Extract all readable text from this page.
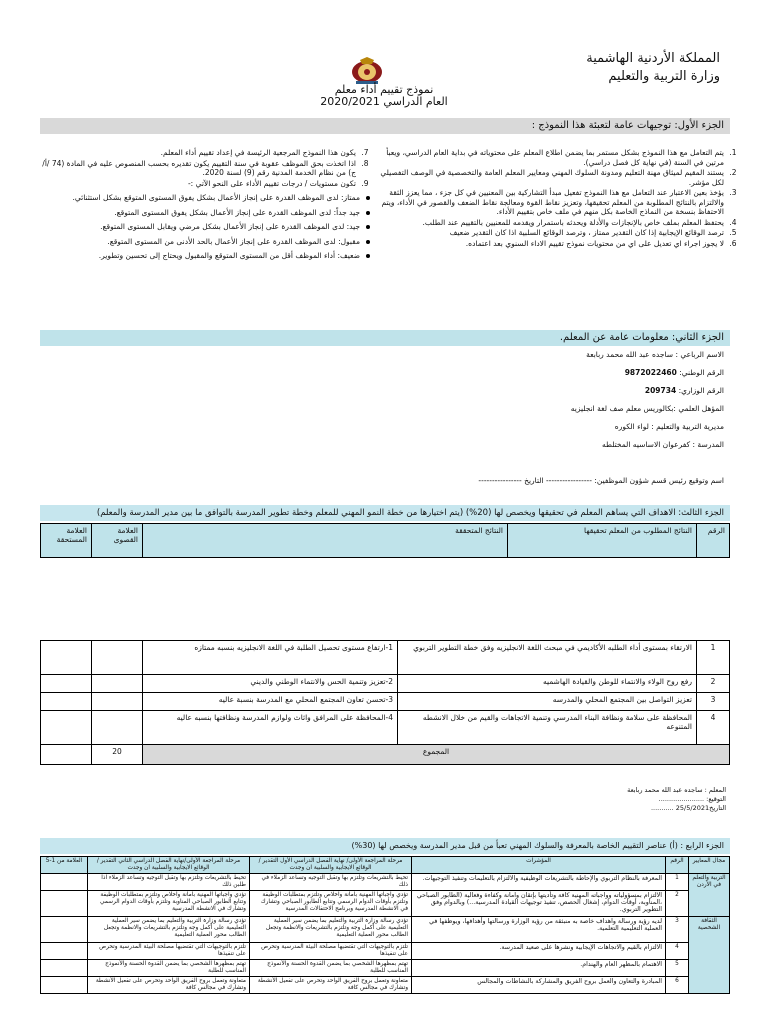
المملكة الأردنية الهاشمية
وزارة التربية والتعليم
نموذج تقييم أداء معلم
العام الدراسي 2020/2021
الجزء الأول: توجيهات عامة لتعبئة هذا النموذج :
1.
يتم التعامل مع هذا النموذج بشكل مستمر بما يضمن اطلاع المعلم على محتوياته في بداية العام الدراسي، ويعبأ مرتين في السنة (في نهاية كل فصل دراسي).
2.
يستند المقيم لميثاق مهنة التعليم ومدونة السلوك المهني ومعايير المعلم العامة والتخصصية في الوصف التفصيلي لكل مؤشر.
3.
يؤخذ بعين الاعتبار عند التعامل مع هذا النموذج تفعيل مبدأ التشاركية بين المعنيين في كل جزء ، مما يعزز الثقة والالتزام بالنتائج المطلوبة من المعلم تحقيقها، وتعزيز نقاط القوة ومعالجة نقاط الضعف والقصور في الأداء، ويتم الاحتفاظ بنسخة من النماذج الخاصة بكل منهم في ملف خاص بتقييم الأداء.
4.
يحتفظ المعلم بملف خاص بالإنجازات والأدلة ويحدثه باستمرار ويقدمه للمعنيين بالتقييم عند الطلب.
5.
ترصد الوقائع الإيجابية إذا كان التقدير ممتاز ، وترصد الوقائع السلبية اذا كان التقدير ضعيف
6.
لا يجوز اجراء اي تعديل على اي من محتويات نموذج تقييم الاداء السنوي بعد اعتماده.
7.
يكون هذا النموذج المرجعية الرئيسة في إعداد تقييم أداء المعلم.
8.
اذا اتخذت بحق الموظف عقوبة في سنة التقييم يكون تقديره بحسب المنصوص عليه في المادة (74 /أ/ج) من نظام الخدمة المدنية رقم (9) لسنة 2020.
9.
تكون مستويات / درجات تقييم الأداء على النحو الآتي :-
ممتاز: لدى الموظف القدرة على إنجاز الأعمال بشكل يفوق المستوى المتوقع بشكل استثنائي.
جيد جداً: لدى الموظف القدرة على إنجاز الأعمال بشكل يفوق المستوى المتوقع.
جيد: لدى الموظف القدرة على إنجاز الأعمال بشكل مرضي ويقابل المستوى المتوقع.
مقبول: لدى الموظف القدرة على إنجاز الأعمال بالحد الأدنى من المستوى المتوقع.
ضعيف: أداء الموظف أقل من المستوى المتوقع والمقبول ويحتاج إلى تحسين وتطوير.
الجزء الثاني: معلومات عامة عن المعلم.
الاسم الرباعي : ساجده عبد الله محمد ربابعة
الرقم الوطني: 9872022460
الرقم الوزاري: 209734
المؤهل العلمي :بكالوريس معلم صف لغة انجليزيه
مديرية التربية والتعليم : لواء الكوره
المدرسة : كفرعوان الاساسيه المختلطه
اسم وتوقيع رئيس قسم شؤون الموظفين: ----------------- التاريخ ----------------
الجزء الثالث: الاهداف التي يساهم المعلم في تحقيقها ويخصص لها (20%) (يتم اختيارها من خطة النمو المهني للمعلم وخطة تطوير المدرسة بالتوافق ما بين مدير المدرسة والمعلم)
الرقم	النتائج المطلوب من المعلم تحقيقها	النتائج المتحققة	العلامة القصوى	العلامة المستحقة
1	الارتقاء بمستوى أداء الطلبه الأكاديمي في مبحث اللغة الانجليزيه وفق خطة التطوير التربوي	1-ارتفاع مستوى تحصيل الطلبة في اللغة الانجليزيه بنسبه ممتازه		
2	رفع روح الولاء والانتماء للوطن والقيادة الهاشميه	2-تعزيز وتنمية الحس والانتماء الوطني والديني		
3	تعزيز التواصل بين المجتمع المحلي والمدرسه	3-تحسن تعاون المجتمع المحلي مع المدرسة بنسبة عاليه		
4	المحافظة على سلامة ونظافة البناء المدرسي وتنمية الاتجاهات والقيم من خلال الانشطه المتنوعه	4-المحافظة على المرافق واثاث ولوازم المدرسة ونظافتها بنسبه عاليه		
المجموع			20	
المعلم : ساجده عبد الله محمد ربابعة
التوقيع: ......................
التاريخ25/5/2021 ...........
الجزء الرابع : (أ) عناصر التقييم الخاصة بالمعرفة والسلوك المهني تعبأ من قبل مدير المدرسة ويخصص لها (30%)
مجال المعايير	الرقم	المؤشرات	مرحلة المراجعة الأولى/ نهاية الفصل الدراسي الأول التقدير / الوقائع الايجابية والسلبية ان وجدت	مرحلة المراجعة الأولى/نهاية الفصل الدراسي الثاني التقدير / الوقائع الايجابية والسلبية ان وجدت	العلامة من 1-5
التربية والتعلم في الأردن	1	المعرفة بالنظام التربوي والإحاطة بالتشريعات الوظيفية والالتزام بالتعليمات وتنفيذ التوجيهات.	تحيط بالتشريعات وتلتزم بها وتقبل التوجيه وتساعد الزملاء في ذلك	تحيط بالتشريعات وتلتزم بها وتقبل التوجيه وتساعد الزملاء اذا طلبن ذلك	
	2	الالتزام بمسؤولياته وواجباته المهنية كافة وتأديتها بإتقان وامانة وكفاءة وفعالية (الطابور الصباحي ،المناوبة، أوقات الدوام، إشغال الحصص، تنفيذ توجيهات القيادة المدرسية...) وبالدوام وفق التطوير التربوي.	تؤدي واجباتها المهنية بامانة واخلاص وتلتزم بمتطلبات الوظيفة وتلتزم بأوقات الدوام الرسمي وتتابع الطابور الصباحي وتشارك في الانشطة المدرسية وبرنامج الاحتفالات المدرسية	تؤدي واجباتها المهنية بامانة واخلاص وتلتزم بمتطلبات الوظيفة وتتابع الطابور الصباحي المناوبة وتلتزم بأوقات الدوام الرسمي وتشارك في الانشطة المدرسية	
الثقافة الشخصية	3	لديه رؤية ورسالة واهداف خاصة به منبثقة من رؤية الوزارة ورسالتها وأهدافها، ويوظفها في العملية التعليمية التعلمية.	تؤدي رسالة وزارة التربية والتعليم بما يضمن سير العملية التعليمية على أكمل وجه وتلتزم بالتشريعات والانظمة وتجعل الطالب محور العملية التعليمية	تؤدي رسالة وزارة التربية والتعليم بما يضمن سير العملية التعليمية على أكمل وجه وتلتزم بالتشريعات والانظمة وتجعل الطالب محور العملية التعليمية	
	4	الالتزام بالقيم والاتجاهات الإيجابية ونشرها على صعيد المدرسة.	تلتزم بالتوجيهات التي تقتضيها مصلحة البيئة المدرسية وتحرص على تنفيذها	تلتزم بالتوجيهات التي تقتضيها مصلحة البيئة المدرسية وتحرص على تنفيذها	
	5	الاهتمام بالمظهر العام والهندام.	تهتم بمظهرها الشخصي بما يضمن القدوة الحسنة والأنموذج المناسب للطلبة	تهتم بمظهرها الشخصي بما يضمن القدوة الحسنة والأنموذج المناسب للطلبة	
	6	المبادرة والتعاون والعمل بروح الفريق والمشاركة بالنشاطات والمجالس	متعاونة وتعمل بروح الفريق الواحد وتحرص على تفعيل الأنشطة وتشارك في مجالس كافة	متعاونة وتعمل بروح الفريق الواحد وتحرص على تفعيل الأنشطة وتشارك في مجالس كافة	
